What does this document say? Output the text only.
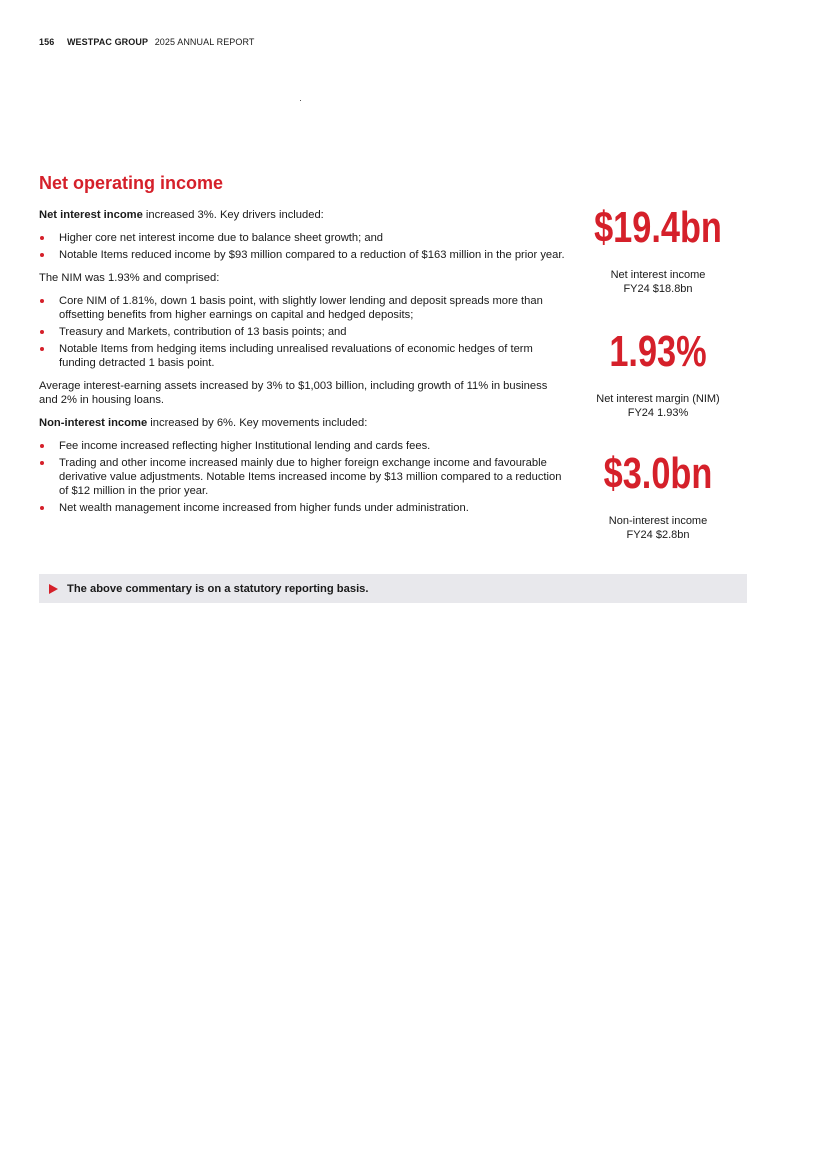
156 WESTPAC GROUP 2025 ANNUAL REPORT
Net operating income

Net interest income increased 3%. Key drivers included:

Higher core net interest income due to balance sheet growth; and
Notable Items reduced income by $93 million compared to a reduction of $163 million in the prior year.

The NIM was 1.93% and comprised:

Core NIM of 1.81%, down 1 basis point, with slightly lower lending and deposit spreads more than offsetting benefits from higher earnings on capital and hedged deposits;
Treasury and Markets, contribution of 13 basis points; and
Notable Items from hedging items including unrealised revaluations of economic hedges of term funding detracted 1 basis point.

Average interest-earning assets increased by 3% to $1,003 billion, including growth of 11% in business and 2% in housing loans.

Non-interest income increased by 6%. Key movements included:

Fee income increased reflecting higher Institutional lending and cards fees.
Trading and other income increased mainly due to higher foreign exchange income and favourable derivative value adjustments. Notable Items increased income by $13 million compared to a reduction of $12 million in the prior year.
Net wealth management income increased from higher funds under administration.
$19.4bn
Net interest income
FY24 $18.8bn
1.93%
Net interest margin (NIM)
FY24 1.93%
$3.0bn
Non-interest income
FY24 $2.8bn
The above commentary is on a statutory reporting basis.
